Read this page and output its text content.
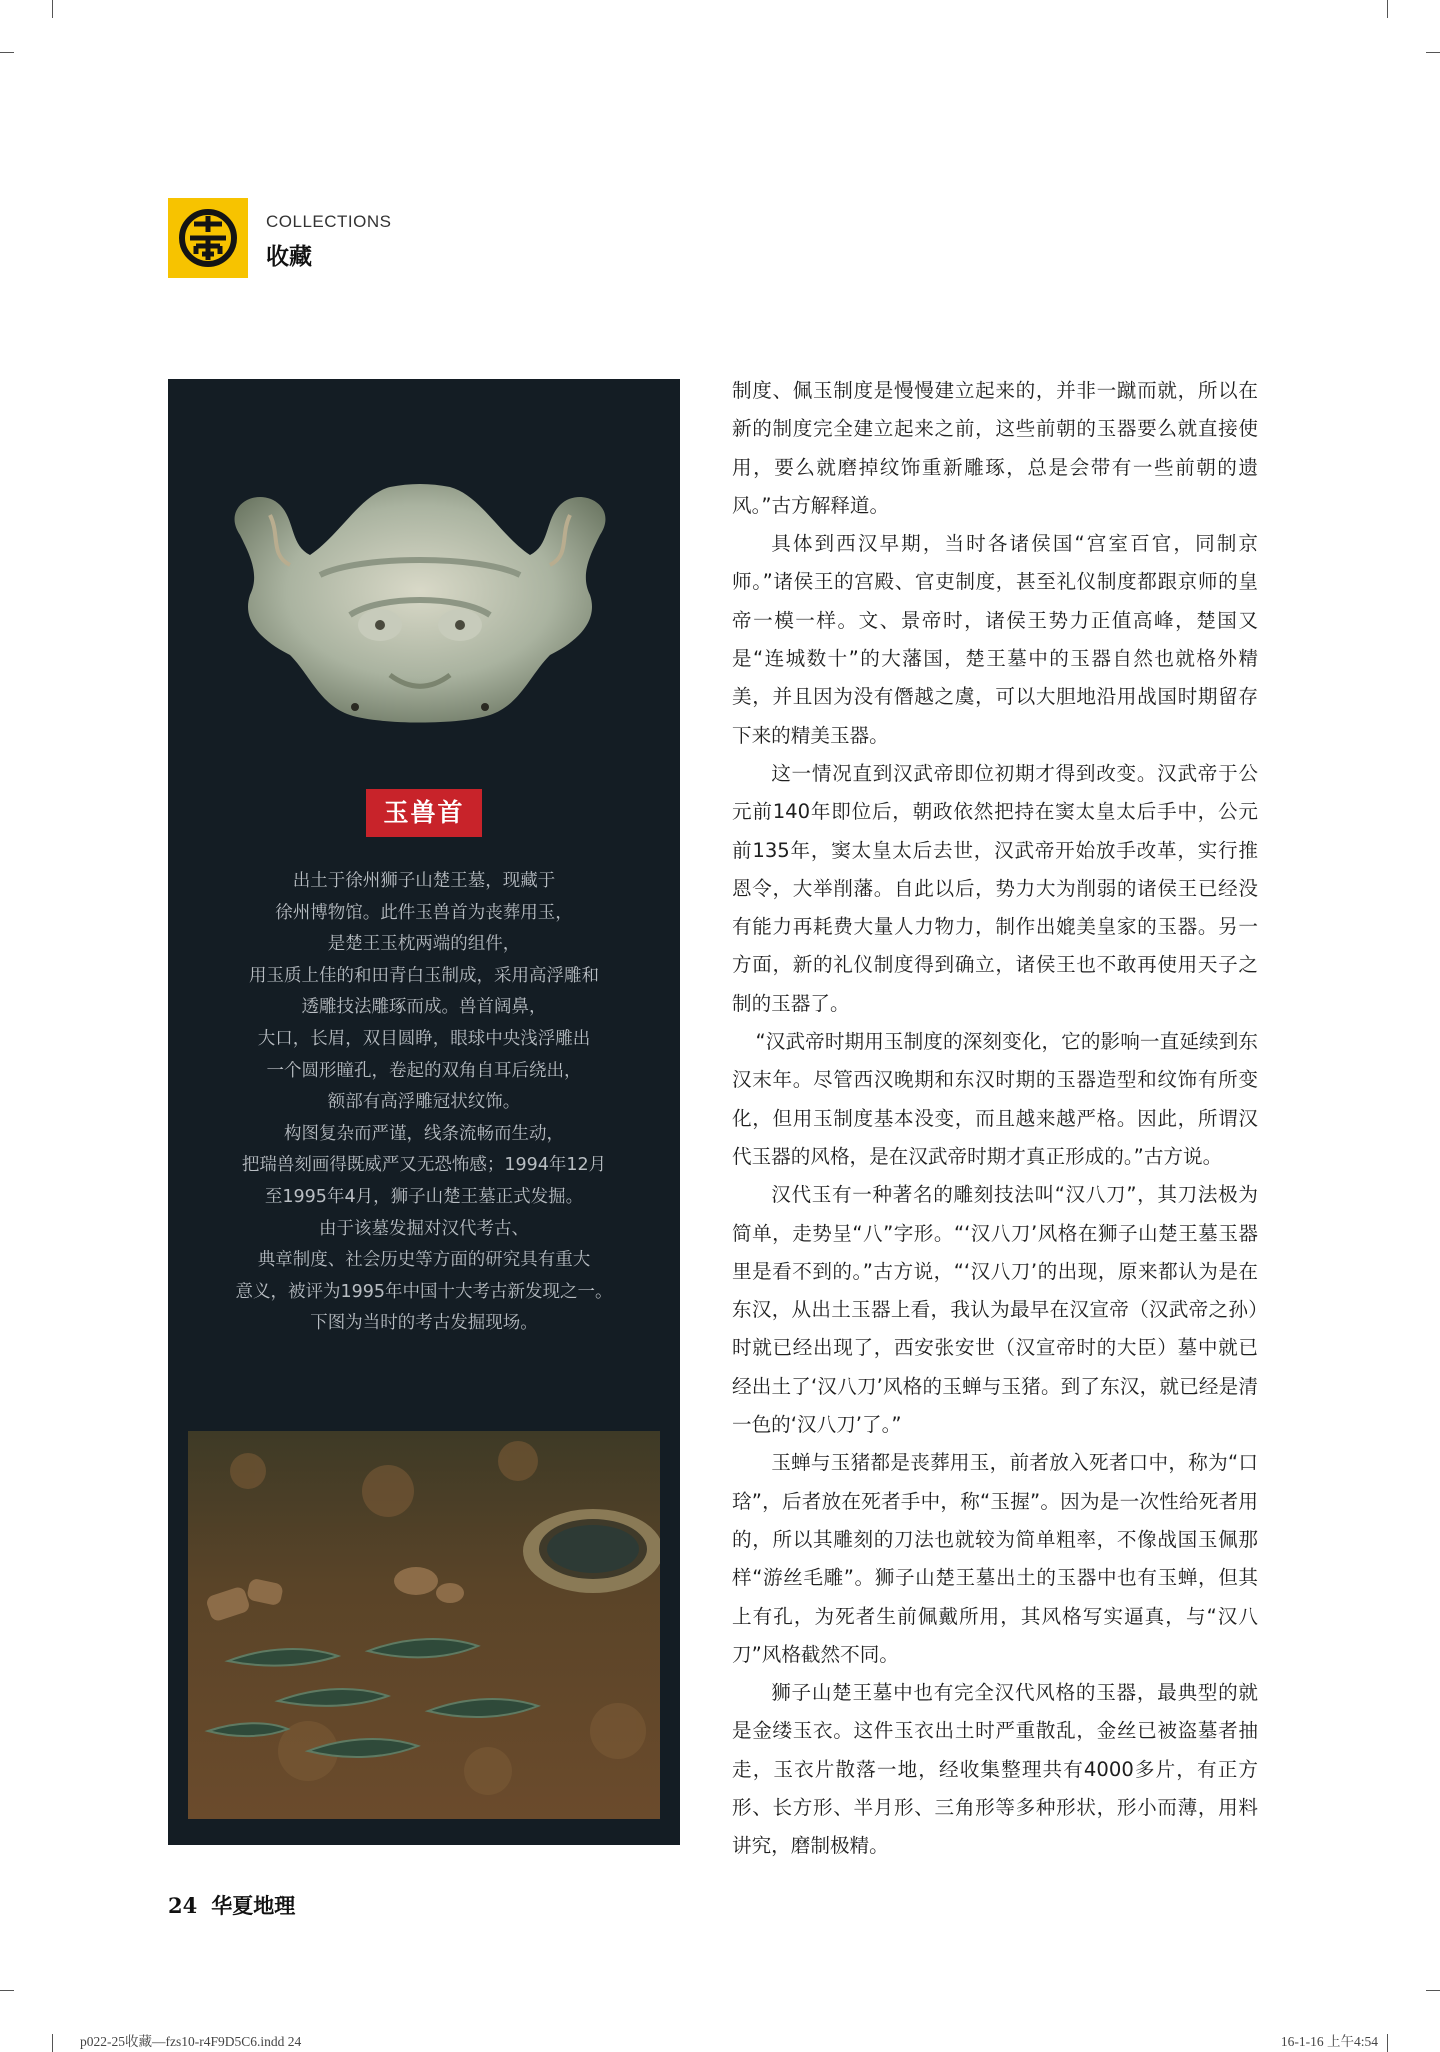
COLLECTIONS
收藏
玉兽首

出土于徐州狮子山楚王墓，现藏于
徐州博物馆。此件玉兽首为丧葬用玉，
是楚王玉枕两端的组件，
用玉质上佳的和田青白玉制成，采用高浮雕和
透雕技法雕琢而成。兽首阔鼻，
大口，长眉，双目圆睁，眼球中央浅浮雕出
一个圆形瞳孔，卷起的双角自耳后绕出，
额部有高浮雕冠状纹饰。
构图复杂而严谨，线条流畅而生动，
把瑞兽刻画得既威严又无恐怖感；1994年12月
至1995年4月，狮子山楚王墓正式发掘。
由于该墓发掘对汉代考古、
典章制度、社会历史等方面的研究具有重大
意义，被评为1995年中国十大考古新发现之一。
下图为当时的考古发掘现场。

制度、佩玉制度是慢慢建立起来的，并非一蹴而就，所以在新的制度完全建立起来之前，这些前朝的玉器要么就直接使用，要么就磨掉纹饰重新雕琢，总是会带有一些前朝的遗风。”古方解释道。

具体到西汉早期，当时各诸侯国“宫室百官，同制京师。”诸侯王的宫殿、官吏制度，甚至礼仪制度都跟京师的皇帝一模一样。文、景帝时，诸侯王势力正值高峰，楚国又是“连城数十”的大藩国，楚王墓中的玉器自然也就格外精美，并且因为没有僭越之虞，可以大胆地沿用战国时期留存下来的精美玉器。

这一情况直到汉武帝即位初期才得到改变。汉武帝于公元前140年即位后，朝政依然把持在窦太皇太后手中，公元前135年，窦太皇太后去世，汉武帝开始放手改革，实行推恩令，大举削藩。自此以后，势力大为削弱的诸侯王已经没有能力再耗费大量人力物力，制作出媲美皇家的玉器。另一方面，新的礼仪制度得到确立，诸侯王也不敢再使用天子之制的玉器了。

“汉武帝时期用玉制度的深刻变化，它的影响一直延续到东汉末年。尽管西汉晚期和东汉时期的玉器造型和纹饰有所变化，但用玉制度基本没变，而且越来越严格。因此，所谓汉代玉器的风格，是在汉武帝时期才真正形成的。”古方说。

汉代玉有一种著名的雕刻技法叫“汉八刀”，其刀法极为简单，走势呈“八”字形。“‘汉八刀’风格在狮子山楚王墓玉器里是看不到的。”古方说，“‘汉八刀’的出现，原来都认为是在东汉，从出土玉器上看，我认为最早在汉宣帝（汉武帝之孙）时就已经出现了，西安张安世（汉宣帝时的大臣）墓中就已经出土了‘汉八刀’风格的玉蝉与玉猪。到了东汉，就已经是清一色的‘汉八刀’了。”

玉蝉与玉猪都是丧葬用玉，前者放入死者口中，称为“口琀”，后者放在死者手中，称“玉握”。因为是一次性给死者用的，所以其雕刻的刀法也就较为简单粗率，不像战国玉佩那样“游丝毛雕”。狮子山楚王墓出土的玉器中也有玉蝉，但其上有孔，为死者生前佩戴所用，其风格写实逼真，与“汉八刀”风格截然不同。

狮子山楚王墓中也有完全汉代风格的玉器，最典型的就是金缕玉衣。这件玉衣出土时严重散乱，金丝已被盗墓者抽走，玉衣片散落一地，经收集整理共有4000多片，有正方形、长方形、半月形、三角形等多种形状，形小而薄，用料讲究，磨制极精。

24 华夏地理
p022-25收藏—fzs10-r4F9D5C6.indd 24	16-1-16 上午4:54
